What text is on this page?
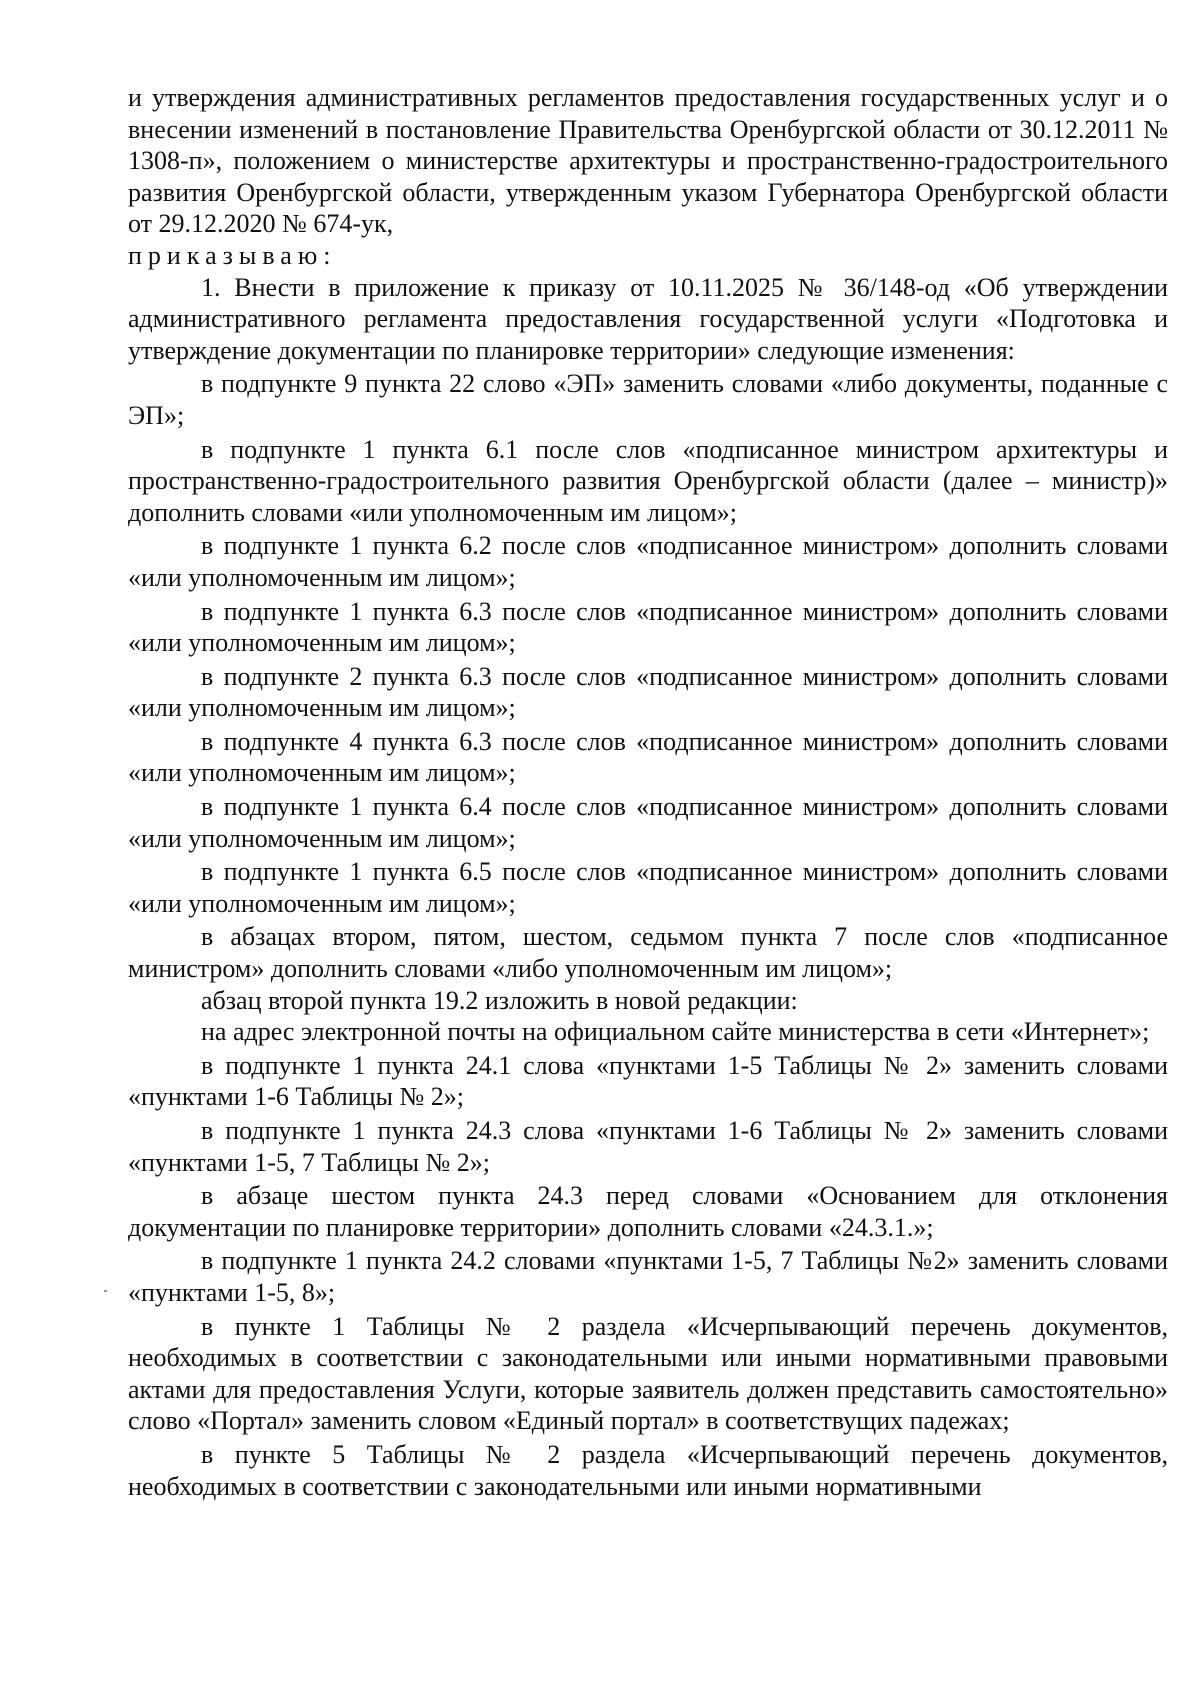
и утверждения административных регламентов предоставления государственных услуг и о внесении изменений в постановление Правительства Оренбургской области от 30.12.2011 № 1308-п», положением о министерстве архитектуры и пространственно-градостроительного развития Оренбургской области, утвержденным указом Губернатора Оренбургской области от 29.12.2020 № 674-ук,

приказываю:

1. Внести в приложение к приказу от 10.11.2025 № 36/148-од «Об утверждении административного регламента предоставления государственной услуги «Подготовка и утверждение документации по планировке территории» следующие изменения:

в подпункте 9 пункта 22 слово «ЭП» заменить словами «либо документы, поданные с ЭП»;

в подпункте 1 пункта 6.1 после слов «подписанное министром архитектуры и пространственно-градостроительного развития Оренбургской области (далее – министр)» дополнить словами «или уполномоченным им лицом»;

в подпункте 1 пункта 6.2 после слов «подписанное министром» дополнить словами «или уполномоченным им лицом»;

в подпункте 1 пункта 6.3 после слов «подписанное министром» дополнить словами «или уполномоченным им лицом»;

в подпункте 2 пункта 6.3 после слов «подписанное министром» дополнить словами «или уполномоченным им лицом»;

в подпункте 4 пункта 6.3 после слов «подписанное министром» дополнить словами «или уполномоченным им лицом»;

в подпункте 1 пункта 6.4 после слов «подписанное министром» дополнить словами «или уполномоченным им лицом»;

в подпункте 1 пункта 6.5 после слов «подписанное министром» дополнить словами «или уполномоченным им лицом»;

в абзацах втором, пятом, шестом, седьмом пункта 7 после слов «подписанное министром» дополнить словами «либо уполномоченным им лицом»;

абзац второй пункта 19.2 изложить в новой редакции:

на адрес электронной почты на официальном сайте министерства в сети «Интернет»;

в подпункте 1 пункта 24.1 слова «пунктами 1-5 Таблицы № 2» заменить словами «пунктами 1-6 Таблицы № 2»;

в подпункте 1 пункта 24.3 слова «пунктами 1-6 Таблицы № 2» заменить словами «пунктами 1-5, 7 Таблицы № 2»;

в абзаце шестом пункта 24.3 перед словами «Основанием для отклонения документации по планировке территории» дополнить словами «24.3.1.»;

в подпункте 1 пункта 24.2 словами «пунктами 1-5, 7 Таблицы №2» заменить словами «пунктами 1-5, 8»;

в пункте 1 Таблицы № 2 раздела «Исчерпывающий перечень документов, необходимых в соответствии с законодательными или иными нормативными правовыми актами для предоставления Услуги, которые заявитель должен представить самостоятельно» слово «Портал» заменить словом «Единый портал» в соответствущих падежах;

в пункте 5 Таблицы № 2 раздела «Исчерпывающий перечень документов, необходимых в соответствии с законодательными или иными нормативными
